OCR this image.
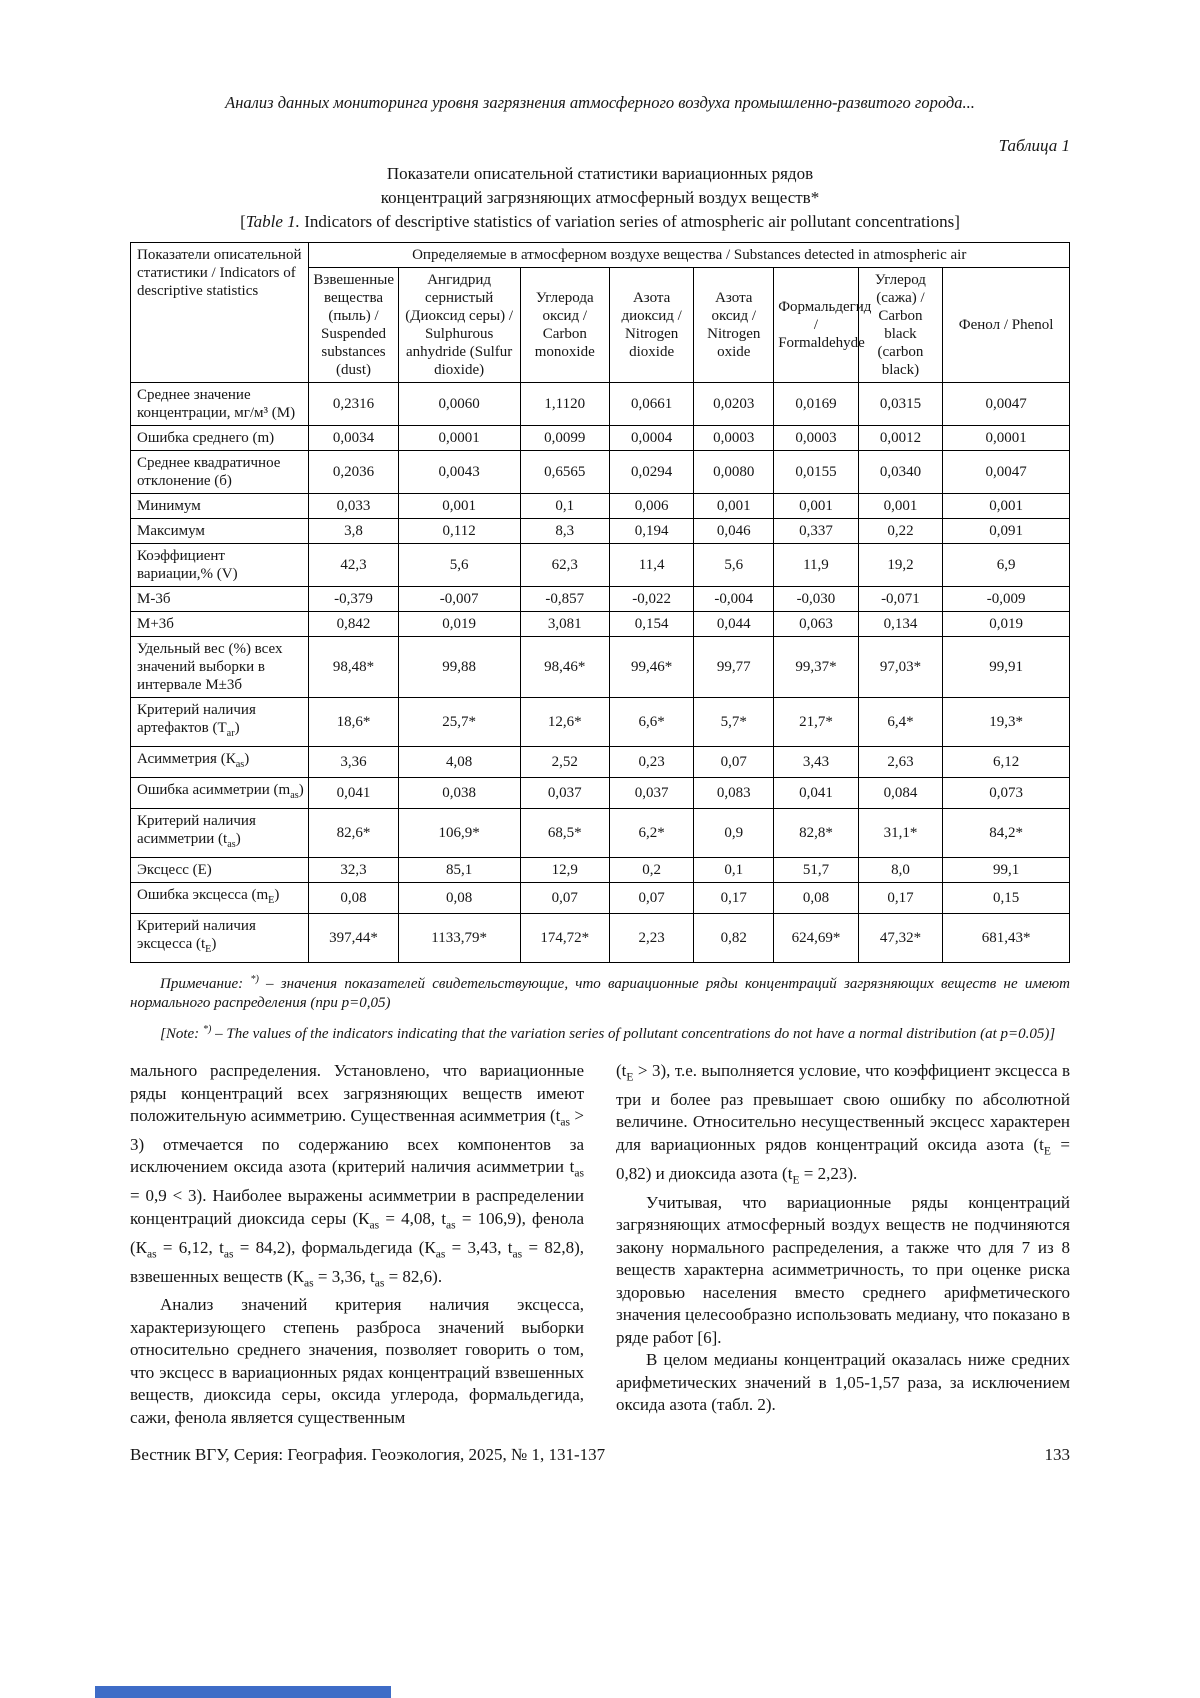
Анализ данных мониторинга уровня загрязнения атмосферного воздуха промышленно-развитого города...
Таблица 1
Показатели описательной статистики вариационных рядов
концентраций загрязняющих атмосферный воздух веществ*
[Table 1. Indicators of descriptive statistics of variation series of atmospheric air pollutant concentrations]
Показатели описательной статистики / Indicators of descriptive statistics	Определяемые в атмосферном воздухе вещества / Substances detected in atmospheric air							
	Взвешенные вещества (пыль) / Suspended substances (dust)	Ангидрид сернистый (Диоксид серы) / Sulphurous anhydride (Sulfur dioxide)	Углерода оксид / Carbon monoxide	Азота диоксид / Nitrogen dioxide	Азота оксид / Nitrogen oxide	Формальдегид / Formaldehyde	Углерод (сажа) / Carbon black (carbon black)	Фенол / Phenol
Среднее значение концентрации, мг/м³ (М)	0,2316	0,0060	1,1120	0,0661	0,0203	0,0169	0,0315	0,0047
Ошибка среднего (m)	0,0034	0,0001	0,0099	0,0004	0,0003	0,0003	0,0012	0,0001
Среднее квадратичное отклонение (б)	0,2036	0,0043	0,6565	0,0294	0,0080	0,0155	0,0340	0,0047
Минимум	0,033	0,001	0,1	0,006	0,001	0,001	0,001	0,001
Максимум	3,8	0,112	8,3	0,194	0,046	0,337	0,22	0,091
Коэффициент вариации,% (V)	42,3	5,6	62,3	11,4	5,6	11,9	19,2	6,9
М-3б	-0,379	-0,007	-0,857	-0,022	-0,004	-0,030	-0,071	-0,009
М+3б	0,842	0,019	3,081	0,154	0,044	0,063	0,134	0,019
Удельный вес (%) всех значений выборки в интервале М±3б	98,48*	99,88	98,46*	99,46*	99,77	99,37*	97,03*	99,91
Критерий наличия артефактов $(Т_{ar})$	18,6*	25,7*	12,6*	6,6*	5,7*	21,7*	6,4*	19,3*
Асимметрия $(К_{as})$	3,36	4,08	2,52	0,23	0,07	3,43	2,63	6,12
Ошибка асимметрии $(m_{as})$	0,041	0,038	0,037	0,037	0,083	0,041	0,084	0,073
Критерий наличия асимметрии $(t_{as})$	82,6*	106,9*	68,5*	6,2*	0,9	82,8*	31,1*	84,2*
Эксцесс (Е)	32,3	85,1	12,9	0,2	0,1	51,7	8,0	99,1
Ошибка эксцесса $(m_Е)$	0,08	0,08	0,07	0,07	0,17	0,08	0,17	0,15
Критерий наличия эксцесса $(t_Е)$	397,44*	1133,79*	174,72*	2,23	0,82	624,69*	47,32*	681,43*
Примечание: *) – значения показателей свидетельствующие, что вариационные ряды концентраций загрязняющих веществ не имеют нормального распределения (при p=0,05)
[Note: *) – The values of the indicators indicating that the variation series of pollutant concentrations do not have a normal distribution (at p=0.05)]

мального распределения. Установлено, что вариационные ряды концентраций всех загрязняющих веществ имеют положительную асимметрию. Существенная асимметрия $(t_{as} > 3)$ отмечается по содержанию всех компонентов за исключением оксида азота (критерий наличия асимметрии $t_{as} = 0,9 < 3$). Наиболее выражены асимметрии в распределении концентраций диоксида серы ($К_{as} = 4,08$, $t_{as} = 106,9$), фенола ($К_{as} = 6,12$, $t_{as} = 84,2$), формальдегида ($К_{as} = 3,43$, $t_{as} = 82,8$), взвешенных веществ ($К_{as} = 3,36$, $t_{as} = 82,6$).

Анализ значений критерия наличия эксцесса, характеризующего степень разброса значений выборки относительно среднего значения, позволяет говорить о том, что эксцесс в вариационных рядах концентраций взвешенных веществ, диоксида серы, оксида углерода, формальдегида, сажи, фенола является существенным

$(t_E > 3)$, т.е. выполняется условие, что коэффициент эксцесса в три и более раз превышает свою ошибку по абсолютной величине. Относительно несущественный эксцесс характерен для вариационных рядов концентраций оксида азота $(t_E = 0,82)$ и диоксида азота $(t_E = 2,23)$.

Учитывая, что вариационные ряды концентраций загрязняющих атмосферный воздух веществ не подчиняются закону нормального распределения, а также что для 7 из 8 веществ характерна асимметричность, то при оценке риска здоровью населения вместо среднего арифметического значения целесообразно использовать медиану, что показано в ряде работ [6].

В целом медианы концентраций оказалась ниже средних арифметических значений в 1,05-1,57 раза, за исключением оксида азота (табл. 2).

Вестник ВГУ, Серия: География. Геоэкология, 2025, № 1, 131-137	133
